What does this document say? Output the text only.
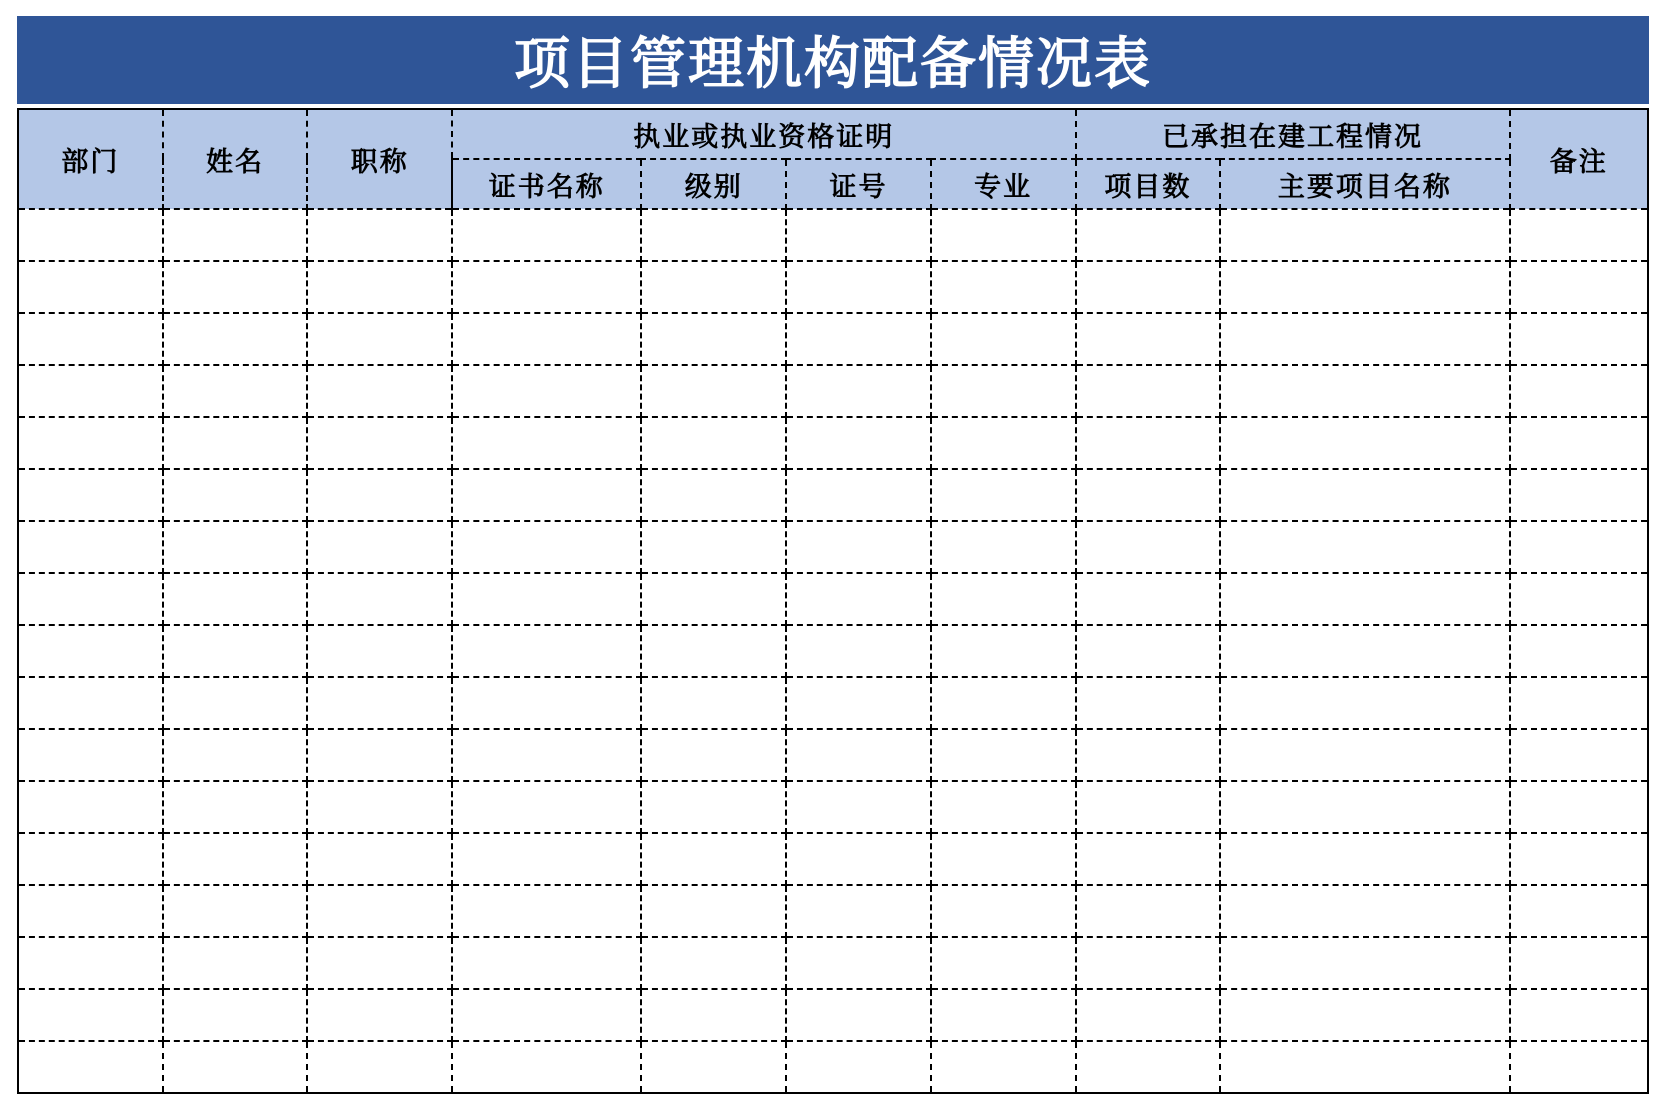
项目管理机构配备情况表
部门	姓名	职称	执业或执业资格证明				已承担在建工程情况		备注
			证书名称	级别	证号	专业	项目数	主要项目名称	
